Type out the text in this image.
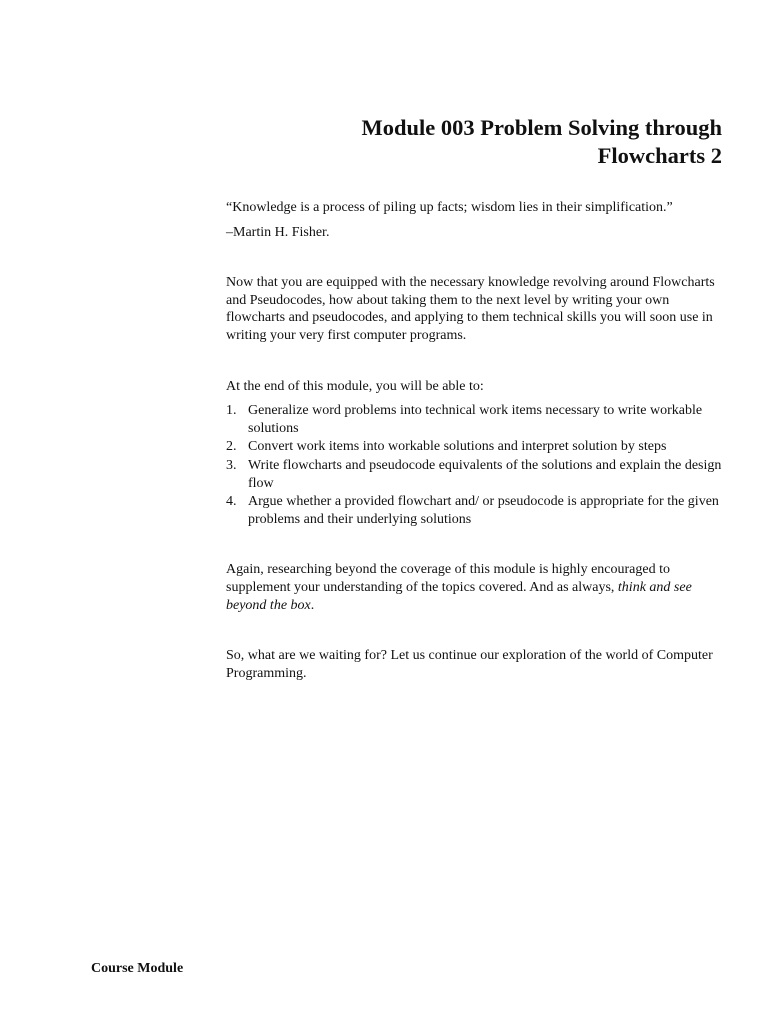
Module 003 Problem Solving through
Flowcharts 2

“Knowledge is a process of piling up facts; wisdom lies in their simplification.”

–Martin H. Fisher.

Now that you are equipped with the necessary knowledge revolving around Flowcharts and Pseudocodes, how about taking them to the next level by writing your own flowcharts and pseudocodes, and applying to them technical skills you will soon use in writing your very first computer programs.

At the end of this module, you will be able to:

1. Generalize word problems into technical work items necessary to write workable solutions
2. Convert work items into workable solutions and interpret solution by steps
3. Write flowcharts and pseudocode equivalents of the solutions and explain the design flow
4. Argue whether a provided flowchart and/ or pseudocode is appropriate for the given problems and their underlying solutions

Again, researching beyond the coverage of this module is highly encouraged to supplement your understanding of the topics covered. And as always, think and see beyond the box.

So, what are we waiting for? Let us continue our exploration of the world of Computer Programming.

Course Module
